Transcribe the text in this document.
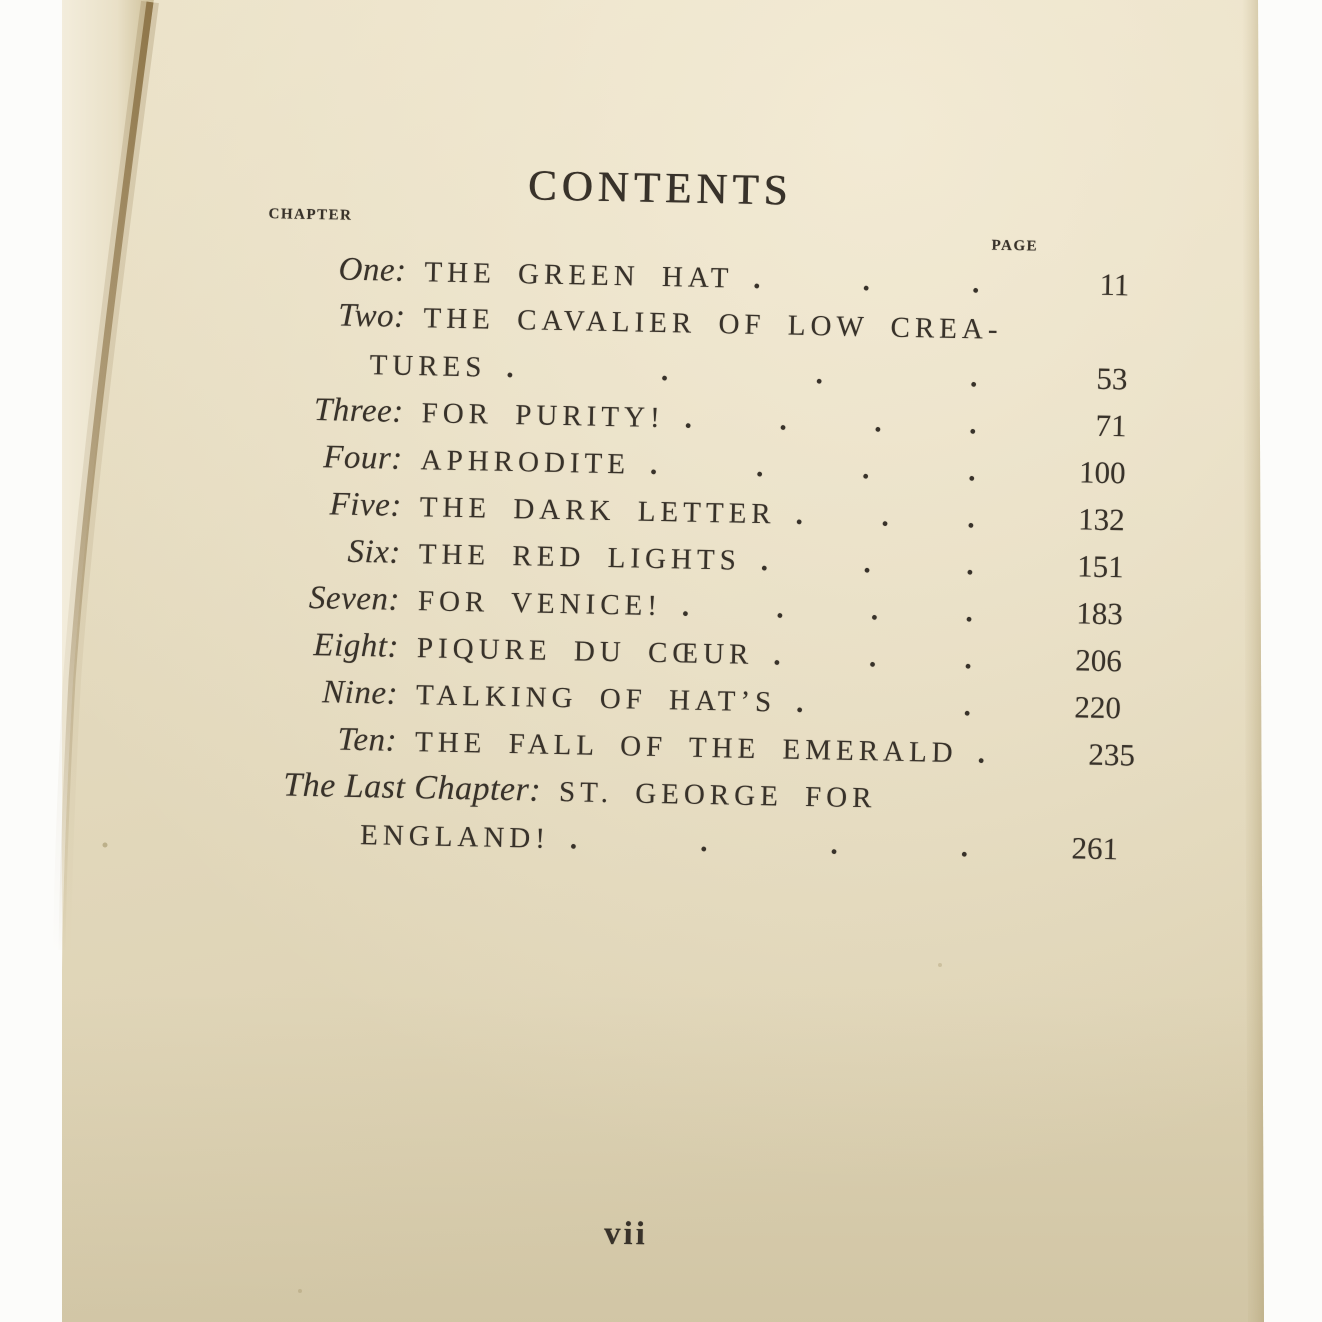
CONTENTS
CHAPTER
PAGE
One: THE GREEN HAT .	.	.	11
Two: THE CAVALIER OF LOW CREA-
TURES .	.	.	.	53
Three: FOR PURITY! .	.	.	.	71
Four: APHRODITE .	.	.	.	100
Five: THE DARK LETTER .	.	.	132
Six: THE RED LIGHTS .	.	.	151
Seven: FOR VENICE! .	.	.	.	183
Eight: PIQURE DU CŒUR .	.	.	206
Nine: TALKING OF HAT’S .	.	220
Ten: THE FALL OF THE EMERALD .	235
The Last Chapter: ST. GEORGE FOR
ENGLAND! .	.	.	.	261
vii
